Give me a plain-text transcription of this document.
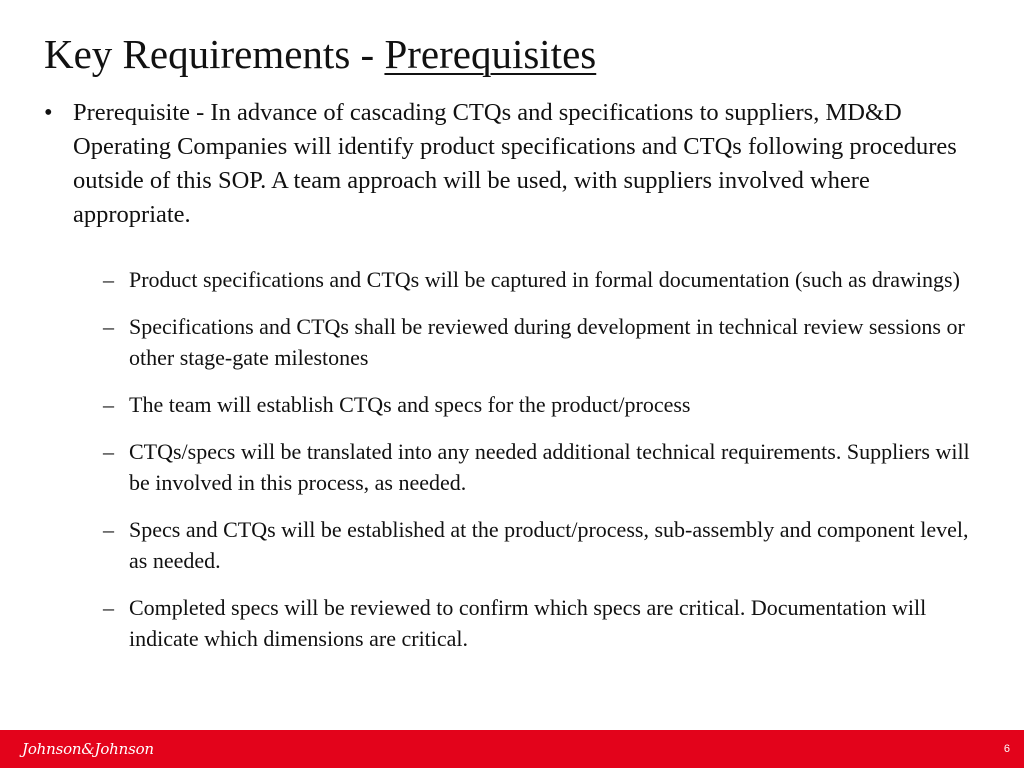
Key Requirements - Prerequisites
• Prerequisite - In advance of cascading CTQs and specifications to suppliers, MD&D Operating Companies will identify product specifications and CTQs following procedures outside of this SOP. A team approach will be used, with suppliers involved where appropriate.
– Product specifications and CTQs will be captured in formal documentation (such as drawings)
– Specifications and CTQs shall be reviewed during development in technical review sessions or other stage-gate milestones
– The team will establish CTQs and specs for the product/process
– CTQs/specs will be translated into any needed additional technical requirements. Suppliers will be involved in this process, as needed.
– Specs and CTQs will be established at the product/process, sub-assembly and component level, as needed.
– Completed specs will be reviewed to confirm which specs are critical. Documentation will indicate which dimensions are critical.
Johnson&Johnson	6
